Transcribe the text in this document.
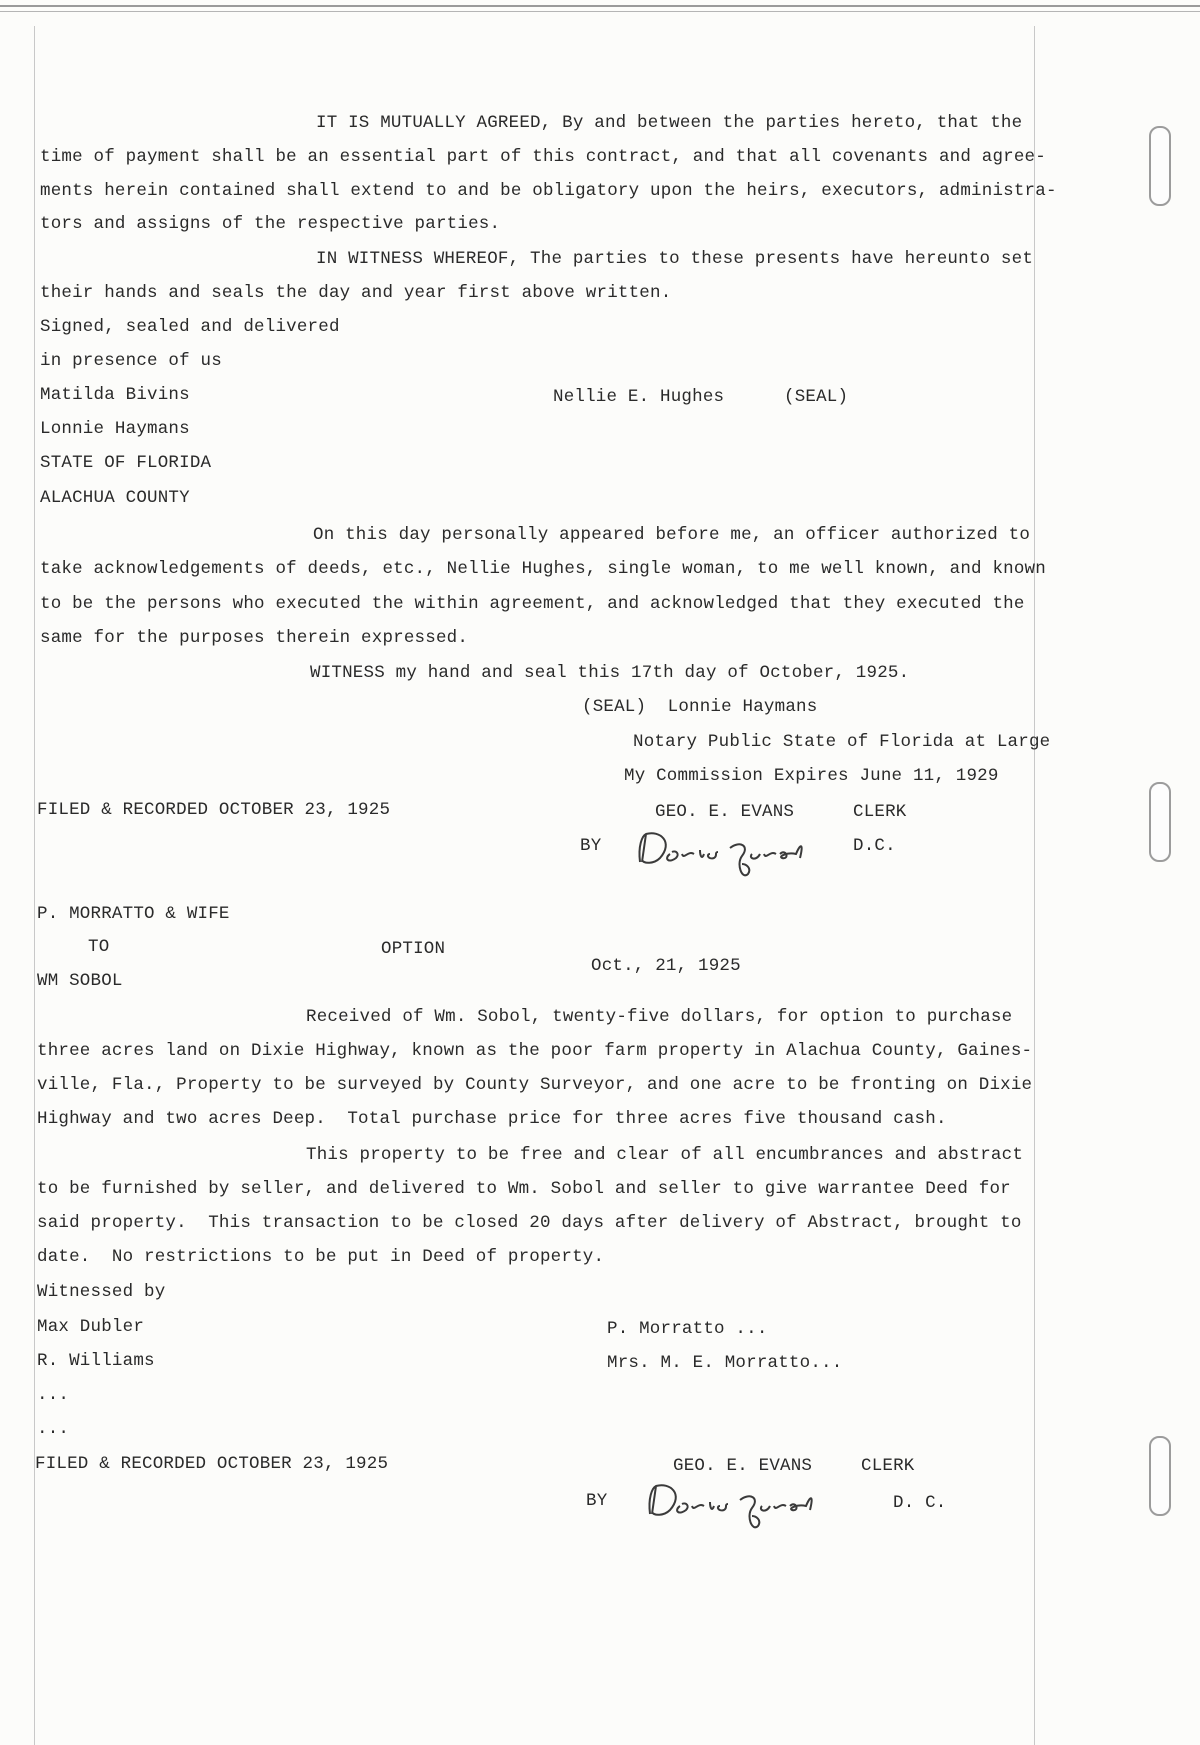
IT IS MUTUALLY AGREED, By and between the parties hereto, that the
time of payment shall be an essential part of this contract, and that all covenants and agree-
ments herein contained shall extend to and be obligatory upon the heirs, executors, administra-
tors and assigns of the respective parties.
IN WITNESS WHEREOF, The parties to these presents have hereunto set
their hands and seals the day and year first above written.
Signed, sealed and delivered
in presence of us
Matilda Bivins	Nellie E. Hughes	(SEAL)
Lonnie Haymans
STATE OF FLORIDA
ALACHUA COUNTY
On this day personally appeared before me, an officer authorized to
take acknowledgements of deeds, etc., Nellie Hughes, single woman, to me well known, and known
to be the persons who executed the within agreement, and acknowledged that they executed the
same for the purposes therein expressed.
WITNESS my hand and seal this 17th day of October, 1925.
(SEAL)  Lonnie Haymans
Notary Public State of Florida at Large
My Commission Expires June 11, 1929
FILED & RECORDED OCTOBER 23, 1925	GEO. E. EVANS	CLERK
BY	D.C.
P. MORRATTO & WIFE
TO	OPTION
Oct., 21, 1925
WM SOBOL
Received of Wm. Sobol, twenty-five dollars, for option to purchase
three acres land on Dixie Highway, known as the poor farm property in Alachua County, Gaines-
ville, Fla., Property to be surveyed by County Surveyor, and one acre to be fronting on Dixie
Highway and two acres Deep.  Total purchase price for three acres five thousand cash.
This property to be free and clear of all encumbrances and abstract
to be furnished by seller, and delivered to Wm. Sobol and seller to give warrantee Deed for
said property.  This transaction to be closed 20 days after delivery of Abstract, brought to
date.  No restrictions to be put in Deed of property.
Witnessed by
Max Dubler	P. Morratto ...
R. Williams	Mrs. M. E. Morratto...
...
...
FILED & RECORDED OCTOBER 23, 1925	GEO. E. EVANS	CLERK
BY	D. C.
